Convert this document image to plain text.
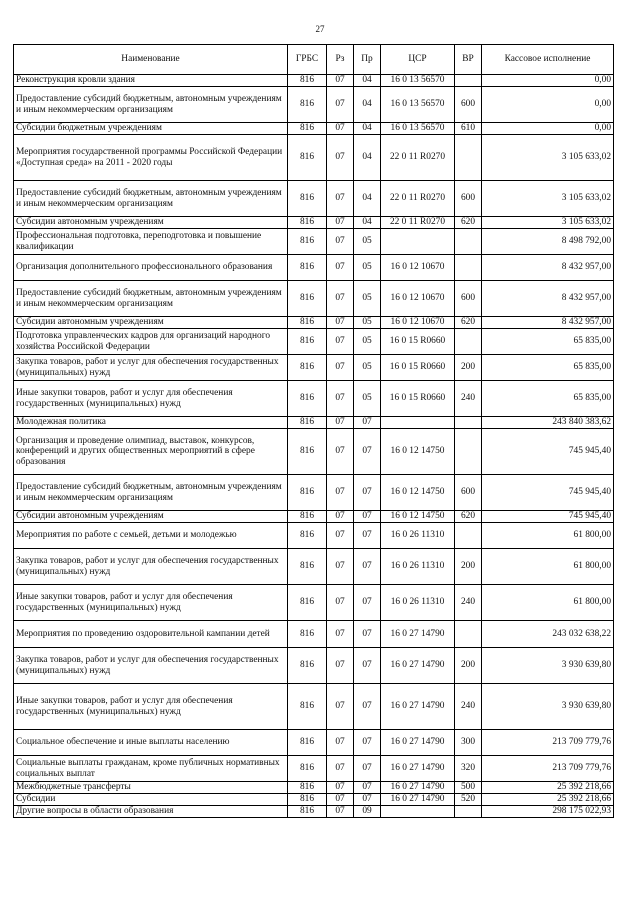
27
Наименование	ГРБС	Рз	Пр	ЦСР	ВР	Кассовое исполнение
Реконструкция кровли здания	816	07	04	16 0 13 56570		0,00
Предоставление субсидий бюджетным, автономным учреждениям и иным некоммерческим организациям	816	07	04	16 0 13 56570	600	0,00
Субсидии бюджетным учреждениям	816	07	04	16 0 13 56570	610	0,00
Мероприятия государственной программы Российской Федерации «Доступная среда» на 2011 - 2020 годы	816	07	04	22 0 11 R0270		3 105 633,02
Предоставление субсидий бюджетным, автономным учреждениям и иным некоммерческим организациям	816	07	04	22 0 11 R0270	600	3 105 633,02
Субсидии автономным учреждениям	816	07	04	22 0 11 R0270	620	3 105 633,02
Профессиональная подготовка, переподготовка и повышение квалификации	816	07	05			8 498 792,00
Организация дополнительного профессионального образования	816	07	05	16 0 12 10670		8 432 957,00
Предоставление субсидий бюджетным, автономным учреждениям и иным некоммерческим организациям	816	07	05	16 0 12 10670	600	8 432 957,00
Субсидии автономным учреждениям	816	07	05	16 0 12 10670	620	8 432 957,00
Подготовка управленческих кадров для организаций народного хозяйства Российской Федерации	816	07	05	16 0 15 R0660		65 835,00
Закупка товаров, работ и услуг для обеспечения государственных (муниципальных) нужд	816	07	05	16 0 15 R0660	200	65 835,00
Иные закупки товаров, работ и услуг для обеспечения государственных (муниципальных) нужд	816	07	05	16 0 15 R0660	240	65 835,00
Молодежная политика	816	07	07			243 840 383,62
Организация и проведение олимпиад, выставок, конкурсов, конференций и других общественных мероприятий в сфере образования	816	07	07	16 0 12 14750		745 945,40
Предоставление субсидий бюджетным, автономным учреждениям и иным некоммерческим организациям	816	07	07	16 0 12 14750	600	745 945,40
Субсидии автономным учреждениям	816	07	07	16 0 12 14750	620	745 945,40
Мероприятия по работе с семьей, детьми и молодежью	816	07	07	16 0 26 11310		61 800,00
Закупка товаров, работ и услуг для обеспечения государственных (муниципальных) нужд	816	07	07	16 0 26 11310	200	61 800,00
Иные закупки товаров, работ и услуг для обеспечения государственных (муниципальных) нужд	816	07	07	16 0 26 11310	240	61 800,00
Мероприятия по проведению оздоровительной кампании детей	816	07	07	16 0 27 14790		243 032 638,22
Закупка товаров, работ и услуг для обеспечения государственных (муниципальных) нужд	816	07	07	16 0 27 14790	200	3 930 639,80
Иные закупки товаров, работ и услуг для обеспечения государственных (муниципальных) нужд	816	07	07	16 0 27 14790	240	3 930 639,80
Социальное обеспечение и иные выплаты населению	816	07	07	16 0 27 14790	300	213 709 779,76
Социальные выплаты гражданам, кроме публичных нормативных социальных выплат	816	07	07	16 0 27 14790	320	213 709 779,76
Межбюджетные трансферты	816	07	07	16 0 27 14790	500	25 392 218,66
Субсидии	816	07	07	16 0 27 14790	520	25 392 218,66
Другие вопросы в области образования	816	07	09			298 175 022,93
